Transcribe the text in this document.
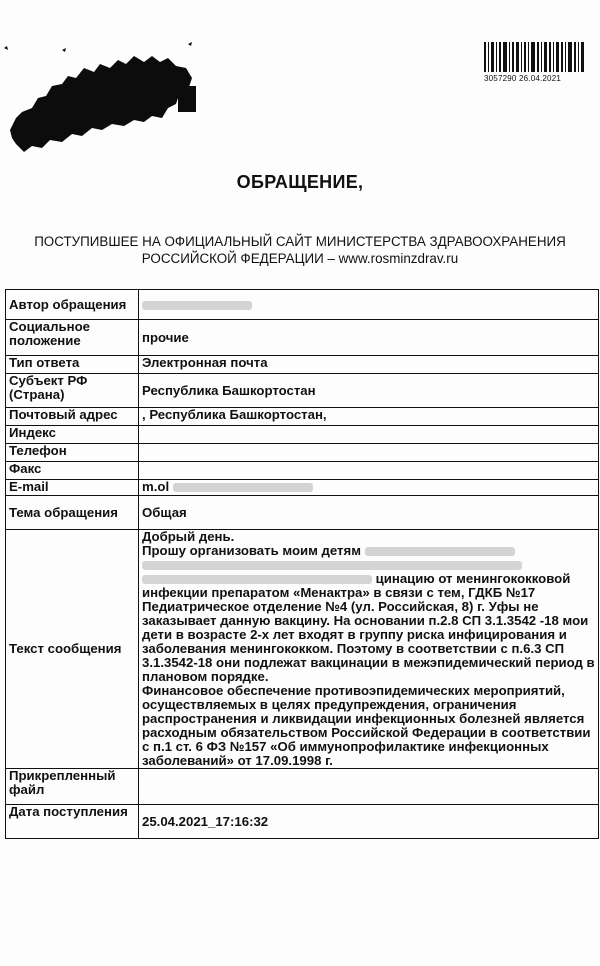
3057290 26.04.2021
ОБРАЩЕНИЕ,
ПОСТУПИВШЕЕ НА ОФИЦИАЛЬНЫЙ САЙТ МИНИСТЕРСТВА ЗДРАВООХРАНЕНИЯ
РОССИЙСКОЙ ФЕДЕРАЦИИ – www.rosminzdrav.ru
Автор обращения	
Социальное положение	прочие
Тип ответа	Электронная почта
Субъект РФ (Страна)	Республика Башкортостан
Почтовый адрес	, Республика Башкортостан,
Индекс	
Телефон	
Факс	
E-mail	m.ol
Тема обращения	Общая
Текст сообщения	Добрый день.

Прошу организовать моим детям    цинацию от менингококковой инфекции препаратом «Менактра» в связи с тем, ГДКБ №17 Педиатрическое отделение №4 (ул. Российская, 8) г. Уфы не заказывает данную вакцину. На основании п.2.8 СП 3.1.3542 -18 мои дети в возрасте 2-х лет входят в группу риска инфицирования и заболевания менингококком. Поэтому в соответствии с п.6.3 СП 3.1.3542-18 они подлежат вакцинации в межэпидемический период в плановом порядке.

Финансовое обеспечение противоэпидемических мероприятий, осуществляемых в целях предупреждения, ограничения распространения и ликвидации инфекционных болезней является расходным обязательством Российской Федерации в соответствии с п.1 ст. 6 ФЗ №157 «Об иммунопрофилактике инфекционных заболеваний» от 17.09.1998 г.

Прикрепленный файл	
Дата поступления	25.04.2021_17:16:32
